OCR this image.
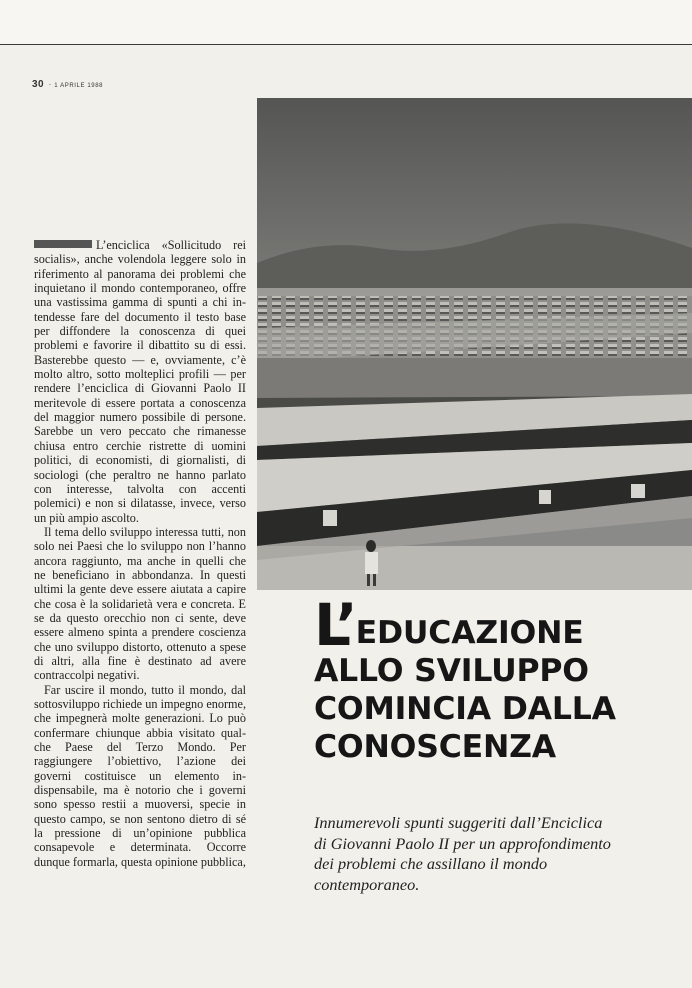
30 · 1 APRILE 1988

L’enciclica «Sollicitudo rei socialis», anche volendola leggere solo in riferimento al panorama dei problemi che inquietano il mondo contemporaneo, offre una vastissima gamma di spunti a chi intendesse fare del documento il testo base per diffondere la conoscenza di quei problemi e favorire il dibattito su di essi. Basterebbe questo — e, ovviamente, c’è molto altro, sotto molteplici profili — per rendere l’enciclica di Giovanni Paolo II meritevole di essere portata a conoscenza del maggior numero possibile di persone. Sarebbe un vero peccato che rimanesse chiusa entro cerchie ristrette di uomini politici, di economisti, di giornalisti, di sociologi (che peraltro ne hanno parlato con interesse, talvolta con accenti polemici) e non si dilatasse, invece, verso un più ampio ascolto.

Il tema dello sviluppo interessa tutti, non solo nei Paesi che lo sviluppo non l’hanno ancora raggiunto, ma anche in quelli che ne beneficiano in abbondanza. In questi ultimi la gente deve essere aiutata a capire che cosa è la solidarietà vera e concreta. E se da questo orecchio non ci sente, deve essere almeno spinta a prendere coscienza che uno sviluppo distorto, ottenuto a spese di altri, alla fine è destinato ad avere contraccolpi negativi.

Far uscire il mondo, tutto il mondo, dal sottosviluppo richiede un impegno enorme, che impegnerà molte generazioni. Lo può confermare chiunque abbia visitato qualche Paese del Terzo Mondo. Per raggiungere l’obiettivo, l’azione dei governi costituisce un elemento indispensabile, ma è notorio che i governi sono spesso restii a muoversi, specie in questo campo, se non sentono dietro di sé la pressione di un’opinione pubblica consapevole e determinata. Occorre dunque formarla, questa opinione pubblica,

L’EDUCAZIONE
ALLO SVILUPPO
COMINCIA DALLA
CONOSCENZA
Innumerevoli spunti suggeriti dall’Enciclica di Giovanni Paolo II per un approfondimento dei problemi che assillano il mondo contemporaneo.
